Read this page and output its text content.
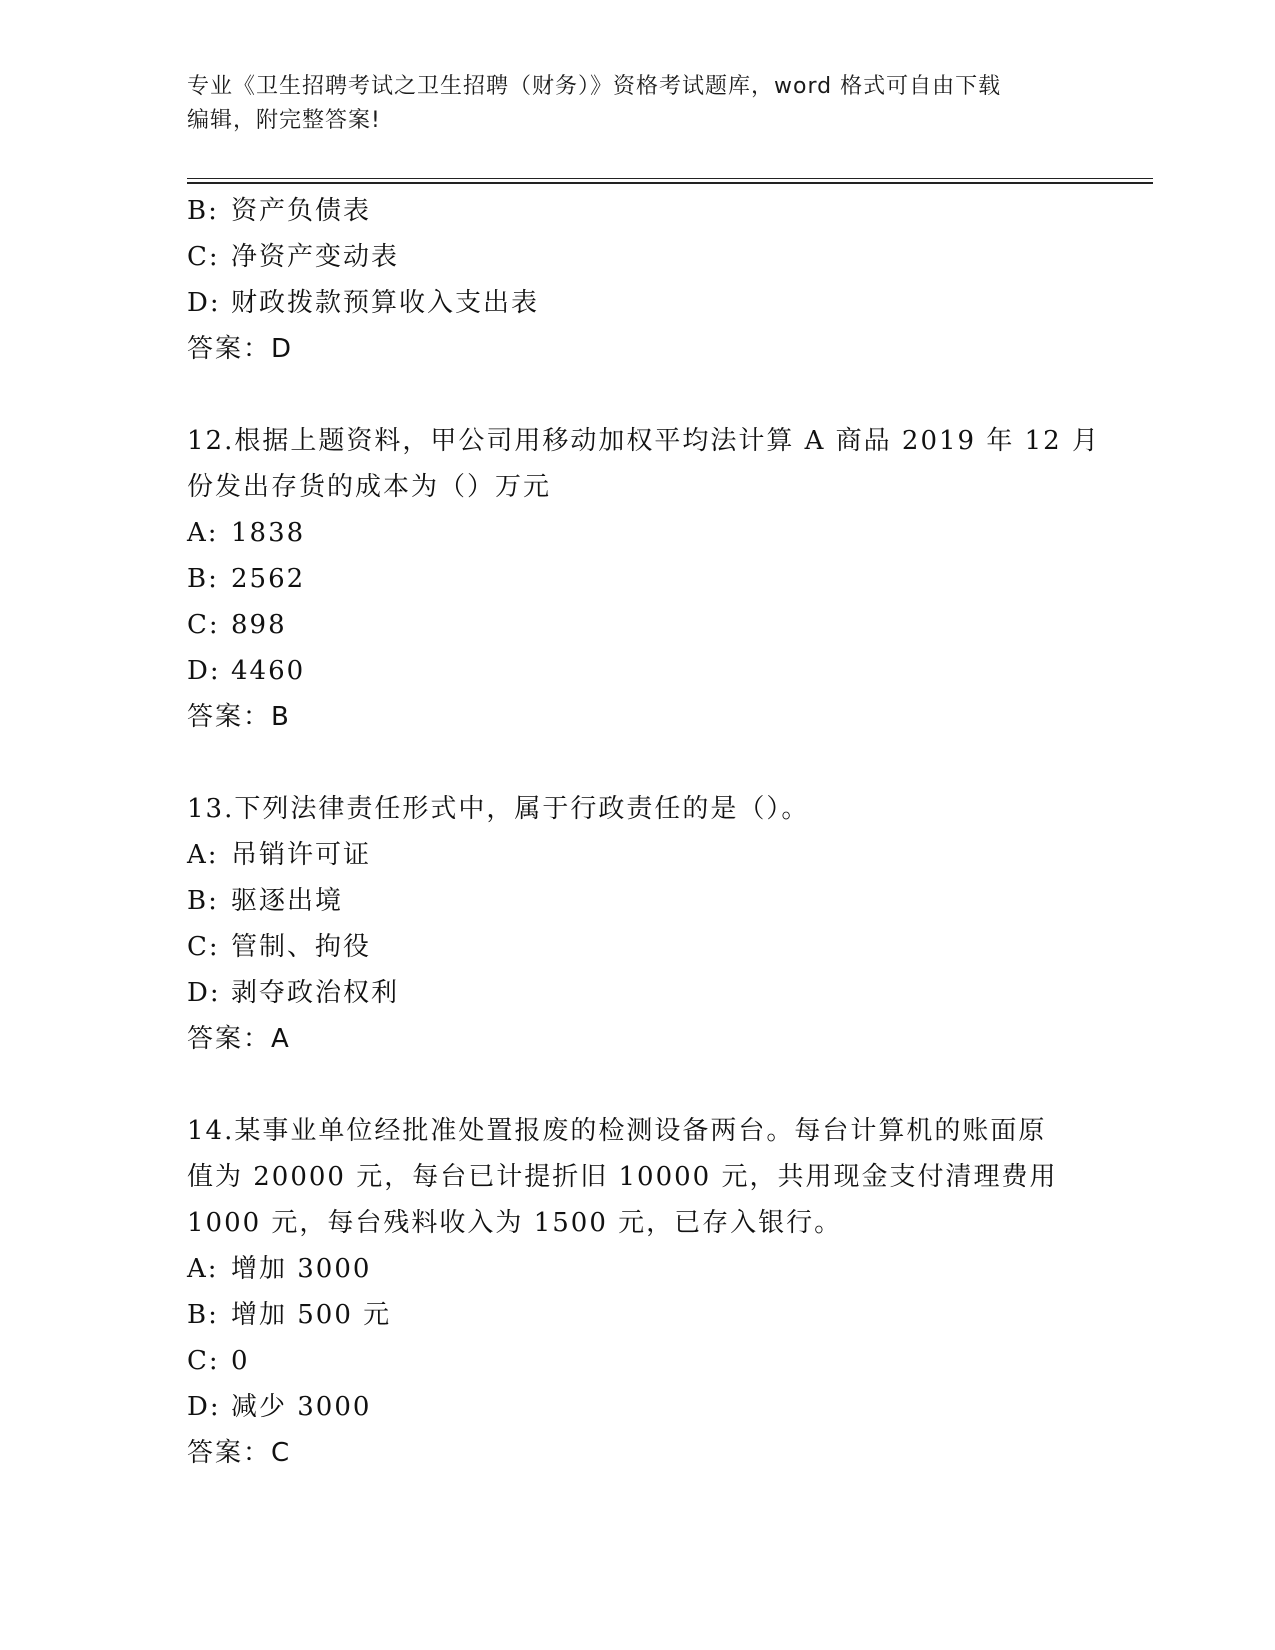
专业《卫生招聘考试之卫生招聘（财务）》资格考试题库，word 格式可自由下载
编辑，附完整答案!
B: 资产负债表
C: 净资产变动表
D: 财政拨款预算收入支出表
答案：D
12.根据上题资料，甲公司用移动加权平均法计算 A 商品 2019 年 12 月
份发出存货的成本为（）万元
A: 1838
B: 2562
C: 898
D: 4460
答案：B
13.下列法律责任形式中，属于行政责任的是（）。
A: 吊销许可证
B: 驱逐出境
C: 管制、拘役
D: 剥夺政治权利
答案：A
14.某事业单位经批准处置报废的检测设备两台。每台计算机的账面原
值为 20000 元，每台已计提折旧 10000 元，共用现金支付清理费用
1000 元，每台残料收入为 1500 元，已存入银行。
A: 增加 3000
B: 增加 500 元
C: 0
D: 减少 3000
答案：C
